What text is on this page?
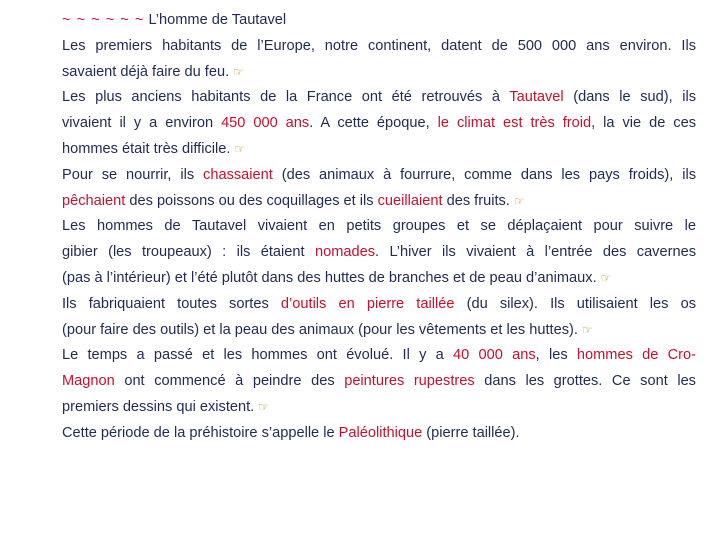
~ ~ ~ ~ ~ ~ L’homme de Tautavel
Les premiers habitants de l’Europe, notre continent, datent de 500 000 ans environ. Ils
savaient déjà faire du feu. ☞
Les plus anciens habitants de la France ont été retrouvés à Tautavel (dans le sud), ils
vivaient il y a environ 450 000 ans. A cette époque, le climat est très froid, la vie de ces
hommes était très difficile. ☞
Pour se nourrir, ils chassaient (des animaux à fourrure, comme dans les pays froids), ils
pêchaient des poissons ou des coquillages et ils cueillaient des fruits. ☞
Les hommes de Tautavel vivaient en petits groupes et se déplaçaient pour suivre le
gibier (les troupeaux) : ils étaient nomades. L’hiver ils vivaient à l’entrée des cavernes
(pas à l’intérieur) et l’été plutôt dans des huttes de branches et de peau d’animaux. ☞
Ils fabriquaient toutes sortes d’outils en pierre taillée (du silex). Ils utilisaient les os
(pour faire des outils) et la peau des animaux (pour les vêtements et les huttes). ☞
Le temps a passé et les hommes ont évolué. Il y a 40 000 ans, les hommes de Cro-
Magnon ont commencé à peindre des peintures rupestres dans les grottes. Ce sont les
premiers dessins qui existent. ☞
Cette période de la préhistoire s’appelle le Paléolithique (pierre taillée).
